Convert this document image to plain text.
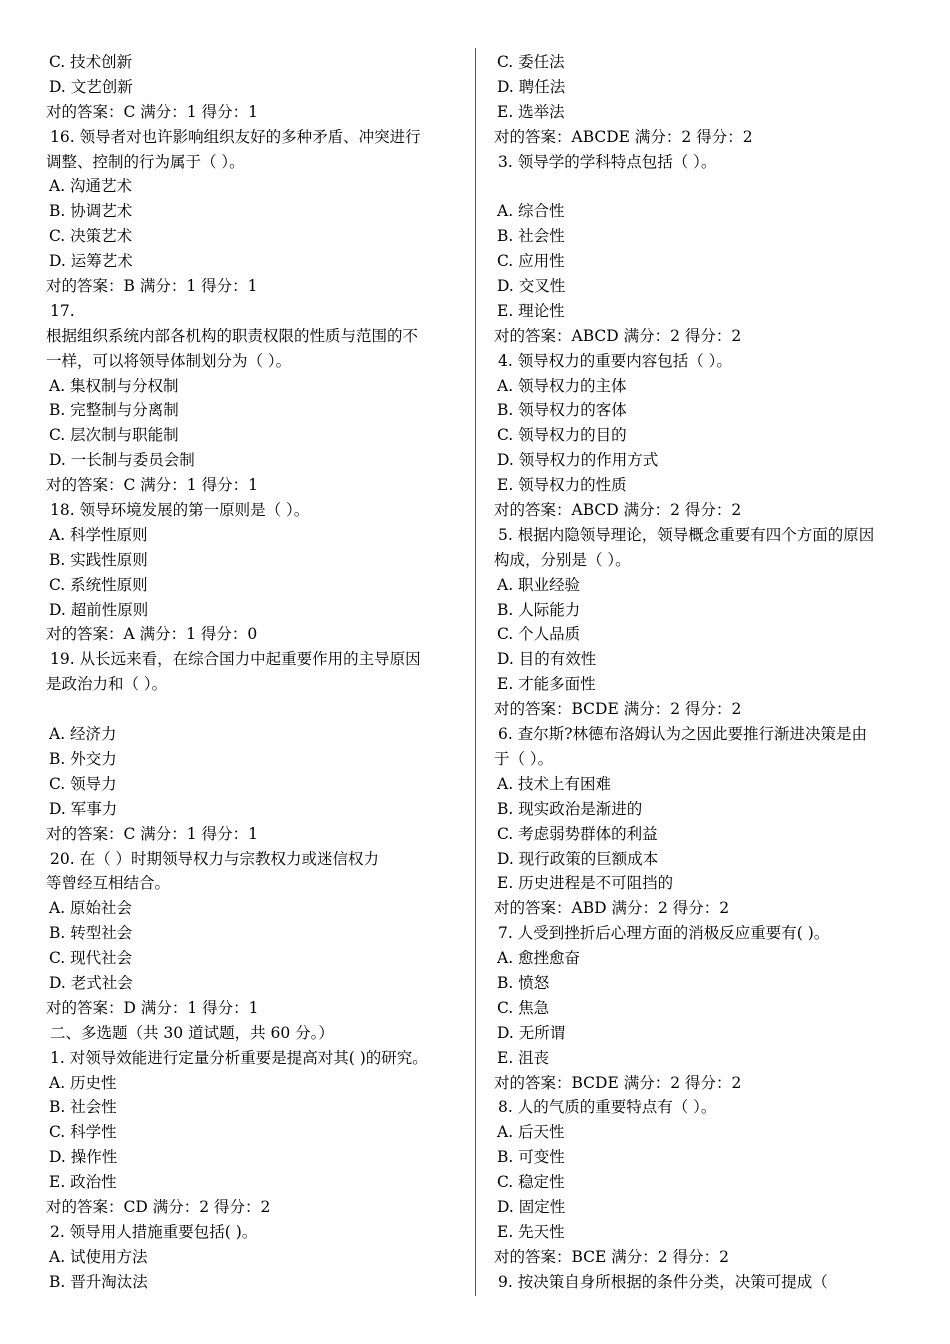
C. 技术创新
D. 文艺创新
对的答案：C 满分：1 得分：1
16. 领导者对也许影响组织友好的多种矛盾、冲突进行
调整、控制的行为属于（ ）。
A. 沟通艺术
B. 协调艺术
C. 决策艺术
D. 运筹艺术
对的答案：B 满分：1 得分：1
17.
根据组织系统内部各机构的职责权限的性质与范围的不
一样，可以将领导体制划分为（ ）。
A. 集权制与分权制
B. 完整制与分离制
C. 层次制与职能制
D. 一长制与委员会制
对的答案：C 满分：1 得分：1
18. 领导环境发展的第一原则是（ ）。
A. 科学性原则
B. 实践性原则
C. 系统性原则
D. 超前性原则
对的答案：A 满分：1 得分：0
19. 从长远来看，在综合国力中起重要作用的主导原因
是政治力和（ ）。
A. 经济力
B. 外交力
C. 领导力
D. 军事力
对的答案：C 满分：1 得分：1
20. 在（ ）时期领导权力与宗教权力或迷信权力
等曾经互相结合。
A. 原始社会
B. 转型社会
C. 现代社会
D. 老式社会
对的答案：D 满分：1 得分：1
二、多选题（共 30 道试题，共 60 分。）
1. 对领导效能进行定量分析重要是提高对其( )的研究。
A. 历史性
B. 社会性
C. 科学性
D. 操作性
E. 政治性
对的答案：CD 满分：2 得分：2
2. 领导用人措施重要包括( )。
A. 试使用方法
B. 晋升淘汰法
C. 委任法
D. 聘任法
E. 选举法
对的答案：ABCDE 满分：2 得分：2
3. 领导学的学科特点包括（ ）。
A. 综合性
B. 社会性
C. 应用性
D. 交叉性
E. 理论性
对的答案：ABCD 满分：2 得分：2
4. 领导权力的重要内容包括（ ）。
A. 领导权力的主体
B. 领导权力的客体
C. 领导权力的目的
D. 领导权力的作用方式
E. 领导权力的性质
对的答案：ABCD 满分：2 得分：2
5. 根据内隐领导理论，领导概念重要有四个方面的原因
构成，分别是（ ）。
A. 职业经验
B. 人际能力
C. 个人品质
D. 目的有效性
E. 才能多面性
对的答案：BCDE 满分：2 得分：2
6. 查尔斯?林德布洛姆认为之因此要推行渐进决策是由
于（ ）。
A. 技术上有困难
B. 现实政治是渐进的
C. 考虑弱势群体的利益
D. 现行政策的巨额成本
E. 历史进程是不可阻挡的
对的答案：ABD 满分：2 得分：2
7. 人受到挫折后心理方面的消极反应重要有( )。
A. 愈挫愈奋
B. 愤怒
C. 焦急
D. 无所谓
E. 沮丧
对的答案：BCDE 满分：2 得分：2
8. 人的气质的重要特点有（ ）。
A. 后天性
B. 可变性
C. 稳定性
D. 固定性
E. 先天性
对的答案：BCE 满分：2 得分：2
9. 按决策自身所根据的条件分类，决策可提成（
